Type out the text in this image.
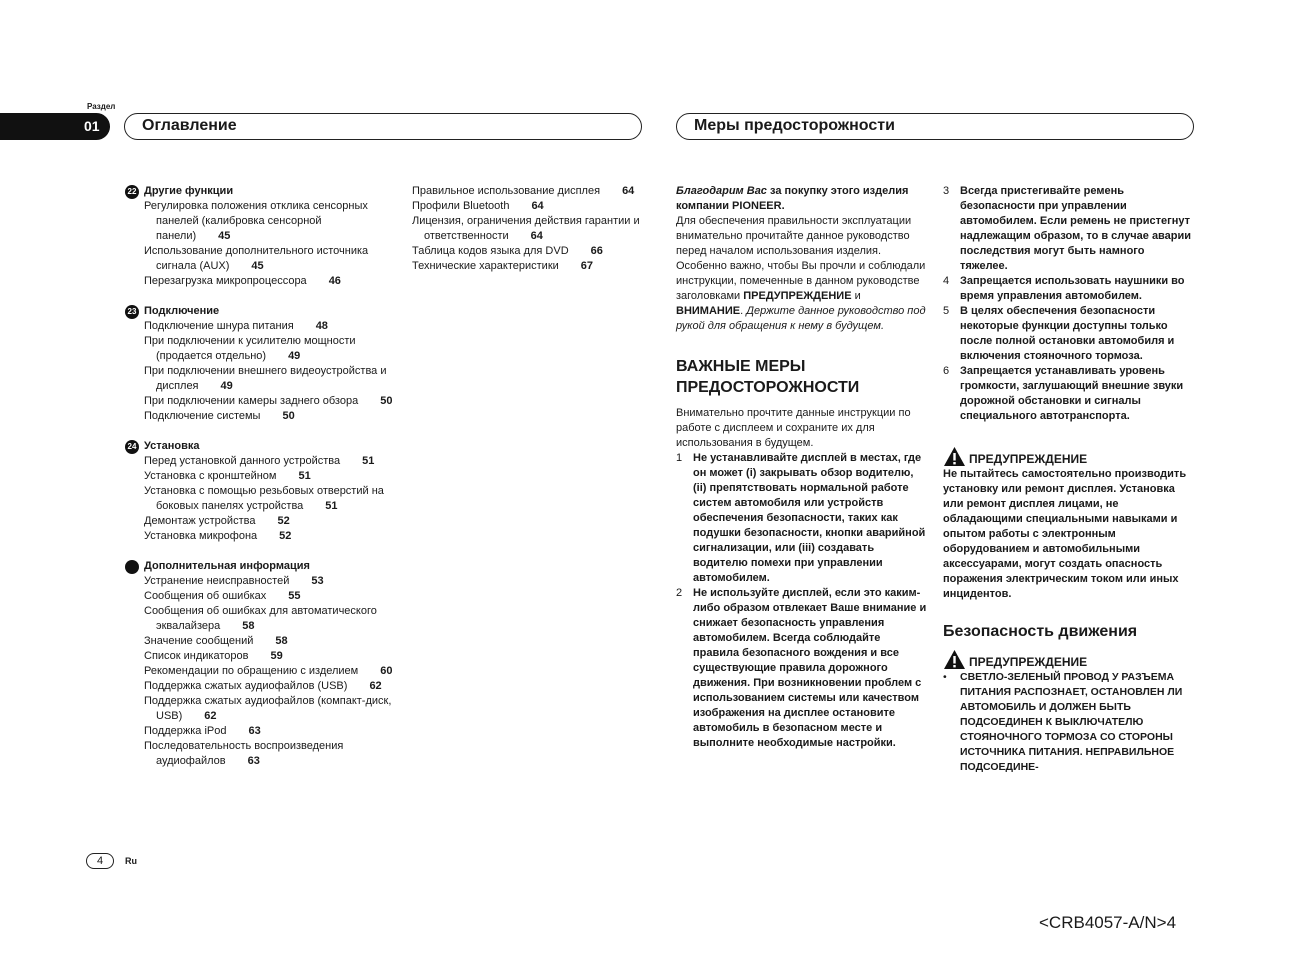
Раздел
01	Оглавление	Меры предосторожности
22 Другие функции
Регулировка положения отклика сенсорных панелей (калибровка сенсорной панели) 45
Использование дополнительного источника сигнала (AUX) 45
Перезагрузка микропроцессора 46
23 Подключение
Подключение шнура питания 48
При подключении к усилителю мощности (продается отдельно) 49
При подключении внешнего видеоустройства и дисплея 49
При подключении камеры заднего обзора 50
Подключение системы 50
24 Установка
Перед установкой данного устройства 51
Установка с кронштейном 51
Установка с помощью резьбовых отверстий на боковых панелях устройства 51
Демонтаж устройства 52
Установка микрофона 52
Дополнительная информация
Устранение неисправностей 53
Сообщения об ошибках 55
Сообщения об ошибках для автоматического эквалайзера 58
Значение сообщений 58
Список индикаторов 59
Рекомендации по обращению с изделием 60
Поддержка сжатых аудиофайлов (USB) 62
Поддержка сжатых аудиофайлов (компакт-диск, USB) 62
Поддержка iPod 63
Последовательность воспроизведения аудиофайлов 63
Правильное использование дисплея 64
Профили Bluetooth 64
Лицензия, ограничения действия гарантии и ответственности 64
Таблица кодов языка для DVD 66
Технические характеристики 67

Благодарим Вас за покупку этого изделия компании PIONEER.

Для обеспечения правильности эксплуатации внимательно прочитайте данное руководство перед началом использования изделия. Особенно важно, чтобы Вы прочли и соблюдали инструкции, помеченные в данном руководстве заголовками ПРЕДУПРЕЖДЕНИЕ и ВНИМАНИЕ. Держите данное руководство под рукой для обращения к нему в будущем.

ВАЖНЫЕ МЕРЫ ПРЕДОСТОРОЖНОСТИ

Внимательно прочтите данные инструкции по работе с дисплеем и сохраните их для использования в будущем.

1 Не устанавливайте дисплей в местах, где он может (i) закрывать обзор водителю, (ii) препятствовать нормальной работе систем автомобиля или устройств обеспечения безопасности, таких как подушки безопасности, кнопки аварийной сигнализации, или (iii) создавать водителю помехи при управлении автомобилем.
2 Не используйте дисплей, если это каким-либо образом отвлекает Ваше внимание и снижает безопасность управления автомобилем. Всегда соблюдайте правила безопасного вождения и все существующие правила дорожного движения. При возникновении проблем с использованием системы или качеством изображения на дисплее остановите автомобиль в безопасном месте и выполните необходимые настройки.
3 Всегда пристегивайте ремень безопасности при управлении автомобилем. Если ремень не пристегнут надлежащим образом, то в случае аварии последствия могут быть намного тяжелее.
4 Запрещается использовать наушники во время управления автомобилем.
5 В целях обеспечения безопасности некоторые функции доступны только после полной остановки автомобиля и включения стояночного тормоза.
6 Запрещается устанавливать уровень громкости, заглушающий внешние звуки дорожной обстановки и сигналы специального автотранспорта.
ПРЕДУПРЕЖДЕНИЕ

Не пытайтесь самостоятельно производить установку или ремонт дисплея. Установка или ремонт дисплея лицами, не обладающими специальными навыками и опытом работы с электронным оборудованием и автомобильными аксессуарами, могут создать опасность поражения электрическим током или иных инцидентов.

Безопасность движения
ПРЕДУПРЕЖДЕНИЕ
•	СВЕТЛО-ЗЕЛЕНЫЙ ПРОВОД У РАЗЪЕМА ПИТАНИЯ РАСПОЗНАЕТ, ОСТАНОВЛЕН ЛИ АВТОМОБИЛЬ И ДОЛЖЕН БЫТЬ ПОДСОЕДИНЕН К ВЫКЛЮЧАТЕЛЮ СТОЯНОЧНОГО ТОРМОЗА СО СТОРОНЫ ИСТОЧНИКА ПИТАНИЯ. НЕПРАВИЛЬНОЕ ПОДСОЕДИНЕ-
4	Ru
<CRB4057-A/N>4
